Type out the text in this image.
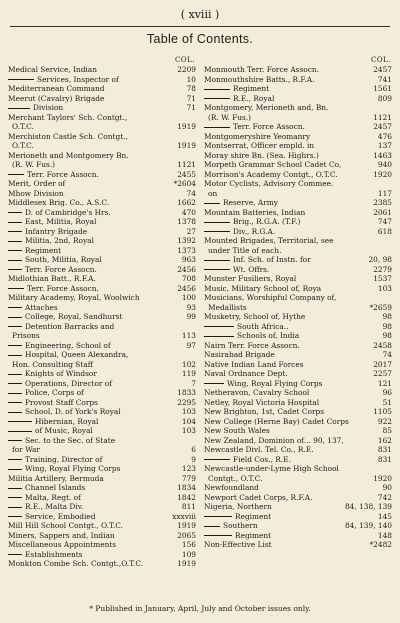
( xviii )
Table of Contents.
COL.
Medical Service, Indian	2209
Services, Inspector of	10
Mediterranean Command	78
Meerut (Cavalry) Brigade	71
Division	71
Merchant Taylors' Sch. Contgt.,
O.T.C.	1919
Merchiston Castle Sch. Contgt.,
O.T.C.	1919
Merioneth and Montgomery Bn.
(R. W. Fus.)	1121
Terr. Force Assocn.	2455
Merit, Order of	*2604
Mhow Division	74
Middlesex Brig. Co., A.S.C.	1662
D. of Cambridge's Hrs.	470
East, Militia, Royal	1378
Infantry Brigade	27
Militia, 2nd, Royal	1392
Regiment	1373
South, Militia, Royal	963
Terr. Force Assocn.	2456
Midlothian Batt., R.F.A.	708
Terr. Force Assocn.	2456
Military Academy, Royal, Woolwich	100
Attaches	93
College, Royal, Sandhurst	99
Detention Barracks and
Prisons	113
Engineering, School of	97
Hospital, Queen Alexandra,
Hon. Consulting Staff	102
Knights of Windsor	119
Operations, Director of	7
Police, Corps of	1833
Provost Staff Corps	2295
School, D. of York's Royal	103
Hibernian, Royal	104
of Music, Royal	103
Sec. to the Sec. of State
for War	6
Training, Director of	9
Wing, Royal Flying Corps	123
Militia Artillery, Bermuda	779
Channel Islands	1834
Malta, Regt. of	1842
R.E., Malta Div.	811
Service, Embodied	xxxviii
Mill Hill School Contgt., O.T.C.	1919
Miners, Sappers and, Indian	2065
Miscellaneous Appointments	156
Establishments	109
Monkton Combe Sch. Contgt.,O.T.C.	1919
COL.
Monmouth Terr. Force Assocn.	2457
Monmouthshire Batts., R.F.A.	741
Regiment	1561
R.E., Royal	809
Montgomery, Merioneth and, Bn.
(R. W. Fus.)	1121
Terr. Force Assocn.	2457
Montgomeryshire Yeomanry	476
Montserrat, Officer empld. in	137
Moray shire Bn. (Sea. Highrs.)	1463
Morpeth Grammar School Cadet Co,	940
Morrison's Academy Contgt., O.T.C.	1920
Motor Cyclists, Advisory Commee.
on	117
Reserve, Army	2385
Mountain Batteries, Indian	2061
Brig., R.G.A. (T.F.)	747
Div., R.G.A.	618
Mounted Brigades, Territorial, see
under Title of each.
Inf. Sch. of Instn. for	20, 98
Wt. Offrs.	2279
Munster Fusiliers, Royal	1537
Music, Military School of, Roya	103
Musicians, Worshipful Company of,
Medallists	*2659
Musketry, School of, Hythe	98
South Africa..	98
Schools of, India	98
Nairn Terr. Force Assocn.	2458
Nasirabad Brigade	74
Native Indian Land Forces	2017
Naval Ordnance Dept.	2257
Wing, Royal Flying Corps	121
Netheravon, Cavalry School	96
Netley, Royal Victoria Hospital	51
New Brighton, 1st, Cadet Corps	1105
New College (Herne Bay) Cadet Corps	922
New South Wales	85
New Zealand, Dominion of... 90, 137,	162
Newcastle Divl. Tel. Co., R.E.	831
Field Cos., R.E.	831
Newcastle-under-Lyme High School
Contgt., O.T.C.	1920
Newfoundland	90
Newport Cadet Corps, R.F.A.	742
Nigeria, Northern	84, 138, 139
Regiment	145
Southern	84, 139, 140
Regiment	148
Non-Effective List	*2482
* Published in January, April, July and October issues only.
